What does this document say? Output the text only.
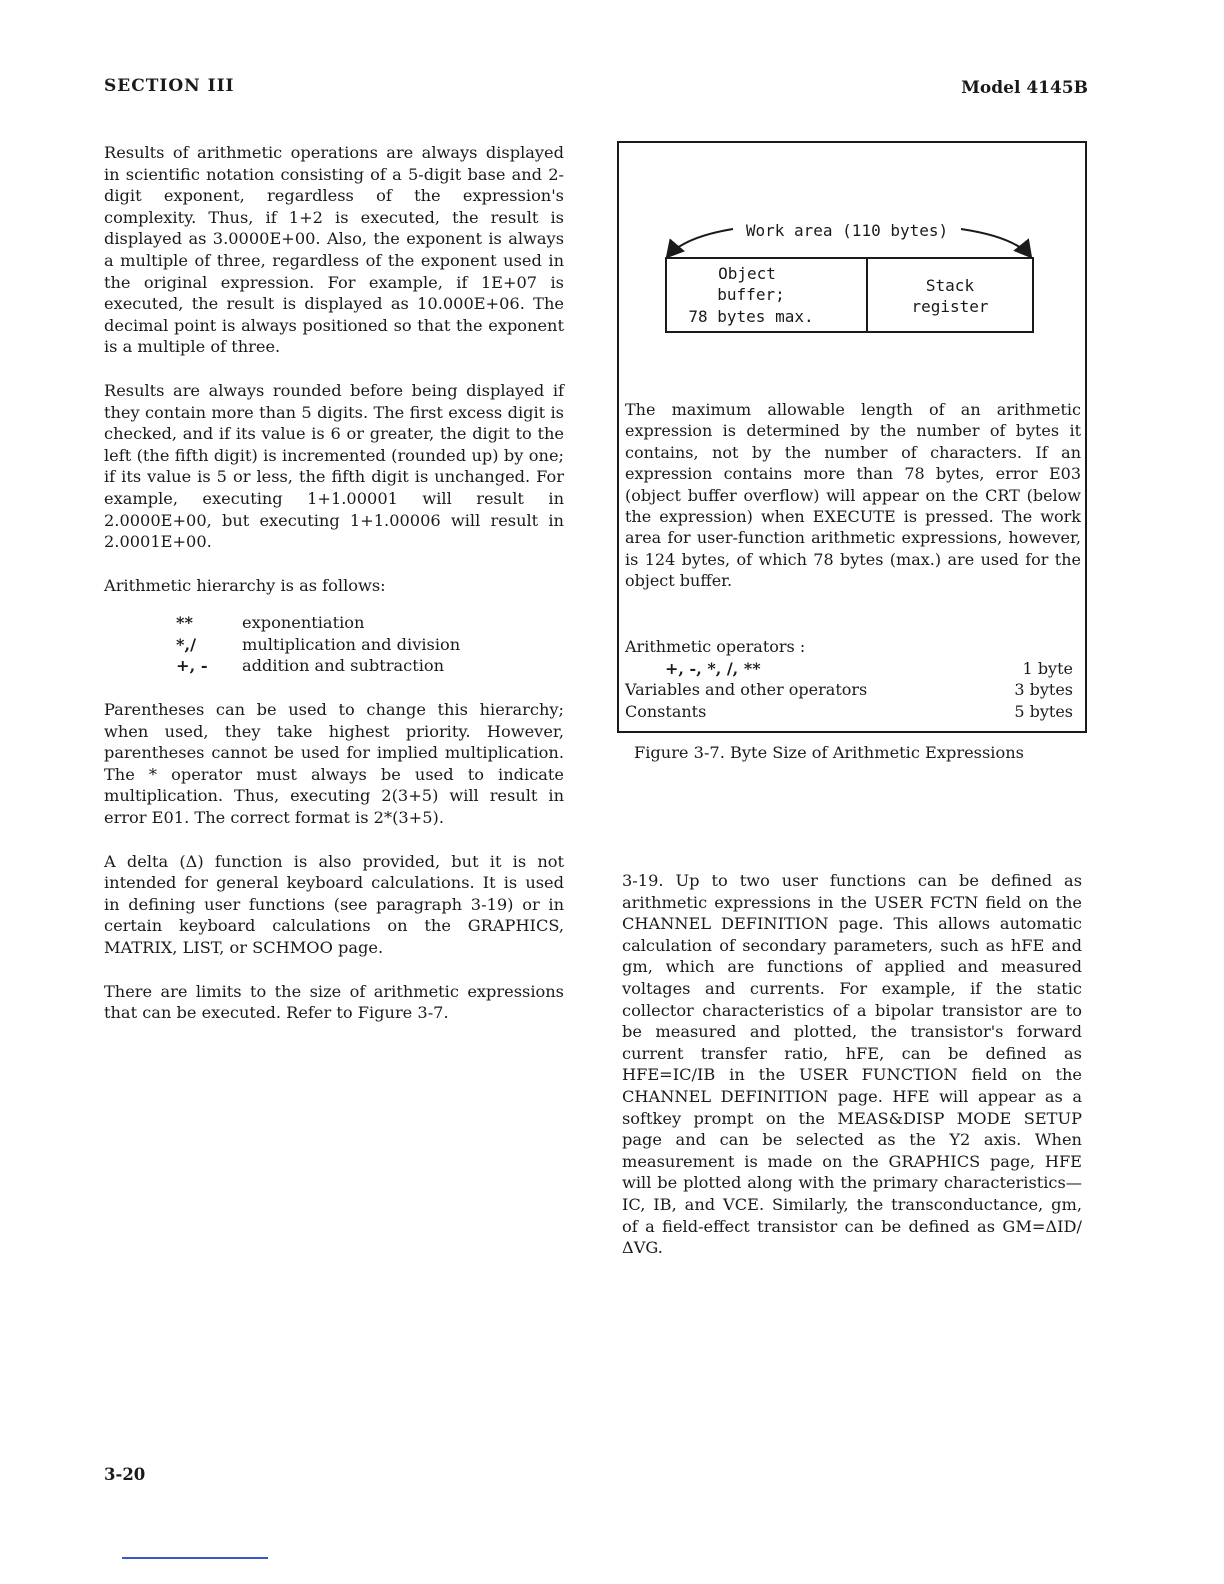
SECTION III	Model 4145B

Results of arithmetic operations are always displayed in scientific notation consisting of a 5-digit base and 2-digit exponent, regardless of the expression's complexity. Thus, if 1+2 is executed, the result is displayed as 3.0000E+00. Also, the exponent is always a multiple of three, regardless of the exponent used in the original expression. For example, if 1E+07 is executed, the result is displayed as 10.000E+06. The decimal point is always positioned so that the exponent is a multiple of three.

Results are always rounded before being displayed if they contain more than 5 digits. The first excess digit is checked, and if its value is 6 or greater, the digit to the left (the fifth digit) is incremented (rounded up) by one; if its value is 5 or less, the fifth digit is unchanged. For example, executing 1+1.00001 will result in 2.0000E+00, but executing 1+1.00006 will result in 2.0001E+00.

Arithmetic hierarchy is as follows:

**	exponentiation
*,/	multiplication and division
+, -	addition and subtraction

Parentheses can be used to change this hierarchy; when used, they take highest priority. However, parentheses cannot be used for implied multiplication. The * operator must always be used to indicate multiplication. Thus, executing 2(3+5) will result in error E01. The correct format is 2*(3+5).

A delta (Δ) function is also provided, but it is not intended for general keyboard calculations. It is used in defining user functions (see paragraph 3-19) or in certain keyboard calculations on the GRAPHICS, MATRIX, LIST, or SCHMOO page.

There are limits to the size of arithmetic expressions that can be executed. Refer to Figure 3-7.

Work area (110 bytes)
Object
buffer;
78 bytes max.
Stack
register

The maximum allowable length of an arithmetic expression is determined by the number of bytes it contains, not by the number of characters. If an expression contains more than 78 bytes, error E03 (object buffer overflow) will appear on the CRT (below the expression) when EXECUTE is pressed. The work area for user-function arithmetic expressions, however, is 124 bytes, of which 78 bytes (max.) are used for the object buffer.

Arithmetic operators :
+, -, *, /, **	1 byte
Variables and other operators	3 bytes
Constants	5 bytes
Figure 3-7. Byte Size of Arithmetic Expressions

3-19. Up to two user functions can be defined as arithmetic expressions in the USER FCTN field on the CHANNEL DEFINITION page. This allows automatic calculation of secondary parameters, such as hFE and gm, which are functions of applied and measured voltages and currents. For example, if the static collector characteristics of a bipolar transistor are to be measured and plotted, the transistor's forward current transfer ratio, hFE, can be defined as HFE=IC/IB in the USER FUNCTION field on the CHANNEL DEFINITION page. HFE will appear as a softkey prompt on the MEAS&DISP MODE SETUP page and can be selected as the Y2 axis. When measurement is made on the GRAPHICS page, HFE will be plotted along with the primary characteristics—IC, IB, and VCE. Similarly, the transconductance, gm, of a field-effect transistor can be defined as GM=ΔID/ΔVG.

3-20
